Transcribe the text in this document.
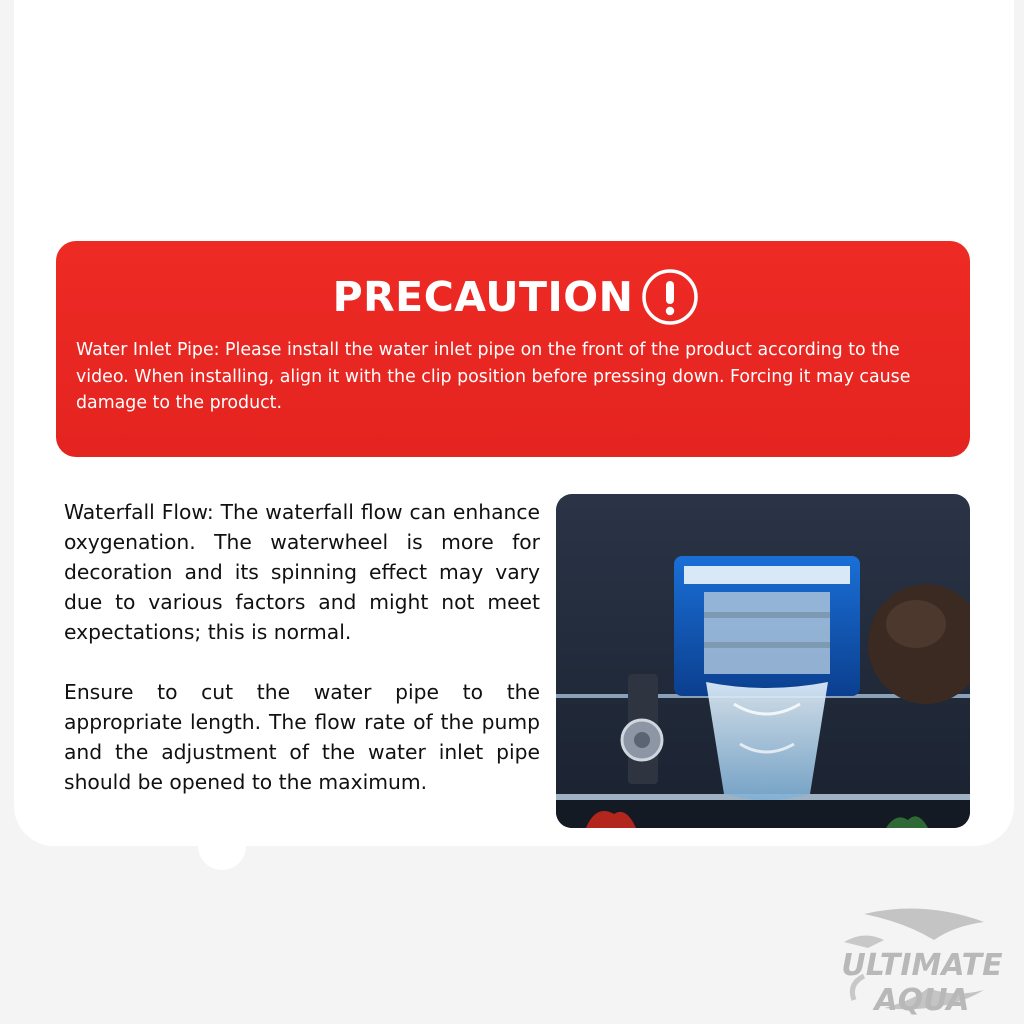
PRECAUTION
Water Inlet Pipe: Please install the water inlet pipe on the front of the product according to the video. When installing, align it with the clip position before pressing down. Forcing it may cause damage to the product.

Waterfall Flow: The waterfall flow can enhance oxygenation. The waterwheel is more for decoration and its spinning effect may vary due to various factors and might not meet expectations; this is normal.

Ensure to cut the water pipe to the appropriate length. The flow rate of the pump and the adjustment of the water inlet pipe should be opened to the maximum.

ULTIMATE AQUA
